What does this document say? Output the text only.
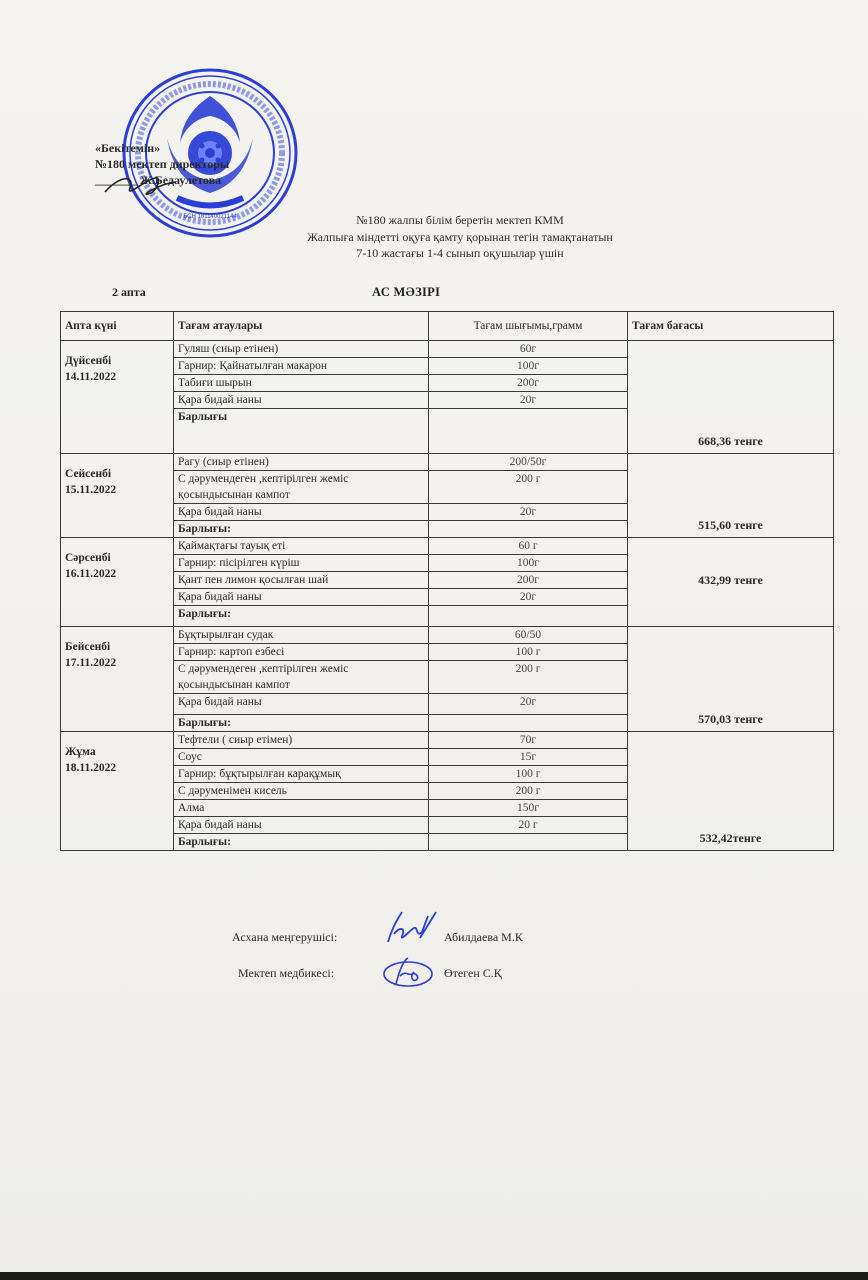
БСН 181140021144
«Бекітемін»
№180 мектеп директоры
_______ Ж.Бедаулетова
№180 жалпы білім беретін мектеп КММ
Жалпыға міндетті оқуға қамту қорынан тегін тамақтанатын
7-10 жастағы 1-4 сынып оқушылар үшін
2 апта	АС МӘЗІРІ
Апта күні	Тағам атаулары	Тағам шығымы,грамм	Тағам бағасы

Дүйсенбі
14.11.2022	Гуляш (сиыр етінен)	60г	668,36 тенге
	Гарнир: Қайнатылған макарон	100г	
	Табиғи шырын	200г	
	Қара бидай наны	20г	
	Барлығы		

Сейсенбі
15.11.2022	Рагу (сиыр етінен)	200/50г	515,60 тенге
	С дәрумендеген ,кептірілген жеміс қосындысынан кампот	200 г	
	Қара бидай наны	20г	
	Барлығы:		

Сәрсенбі
16.11.2022	Қаймақтағы тауық еті	60 г	432,99 тенге
	Гарнир: пісірілген күріш	100г	
	Қант пен лимон қосылған шай	200г	
	Қара бидай наны	20г	
	Барлығы:		

Бейсенбі
17.11.2022	Бұқтырылған судак	60/50	570,03 тенге
	Гарнир: картоп езбесі	100 г	
	С дәрумендеген ,кептірілген жеміс қосындысынан кампот	200 г	
	Қара бидай наны	20г	
	Барлығы:		

Жұма
18.11.2022	Тефтели ( сиыр етімен)	70г	532,42тенге
	Соус	15г	
	Гарнир: бұқтырылған карақұмық	100 г	
	С дәруменімен кисель	200 г	
	Алма	150г	
	Қара бидай наны	20 г	
	Барлығы:		
Асхана меңгерушісі:	Абилдаева М.К
Мектеп медбикесі:	Өтеген С.Қ
